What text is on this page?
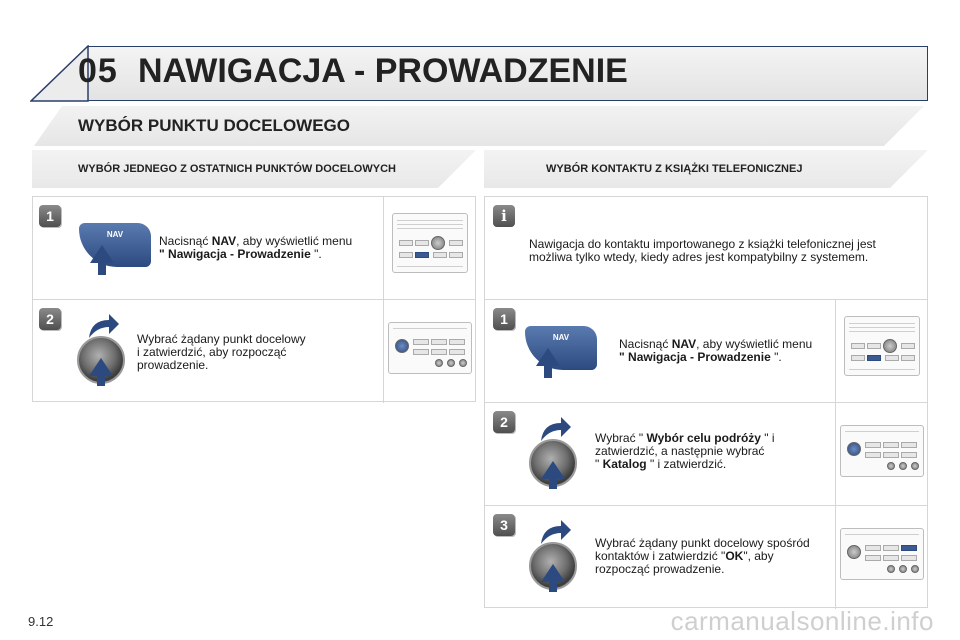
05 NAWIGACJA - PROWADZENIE
WYBÓR PUNKTU DOCELOWEGO
WYBÓR JEDNEGO Z OSTATNICH PUNKTÓW DOCELOWYCH	WYBÓR KONTAKTU Z KSIĄŻKI TELEFONICZNEJ
1
NAV	Nacisnąć NAV, aby wyświetlić menu
" Nawigacja - Prowadzenie ".
2
Wybrać żądany punkt docelowy
i zatwierdzić, aby rozpocząć
prowadzenie.
i
Nawigacja do kontaktu importowanego z książki telefonicznej jest
możliwa tylko wtedy, kiedy adres jest kompatybilny z systemem.
1
NAV	Nacisnąć NAV, aby wyświetlić menu
" Nawigacja - Prowadzenie ".
2
Wybrać " Wybór celu podróży " i
zatwierdzić, a następnie wybrać
" Katalog " i zatwierdzić.
3
Wybrać żądany punkt docelowy spośród
kontaktów i zatwierdzić "OK", aby
rozpocząć prowadzenie.
9.12	carmanualsonline.info
